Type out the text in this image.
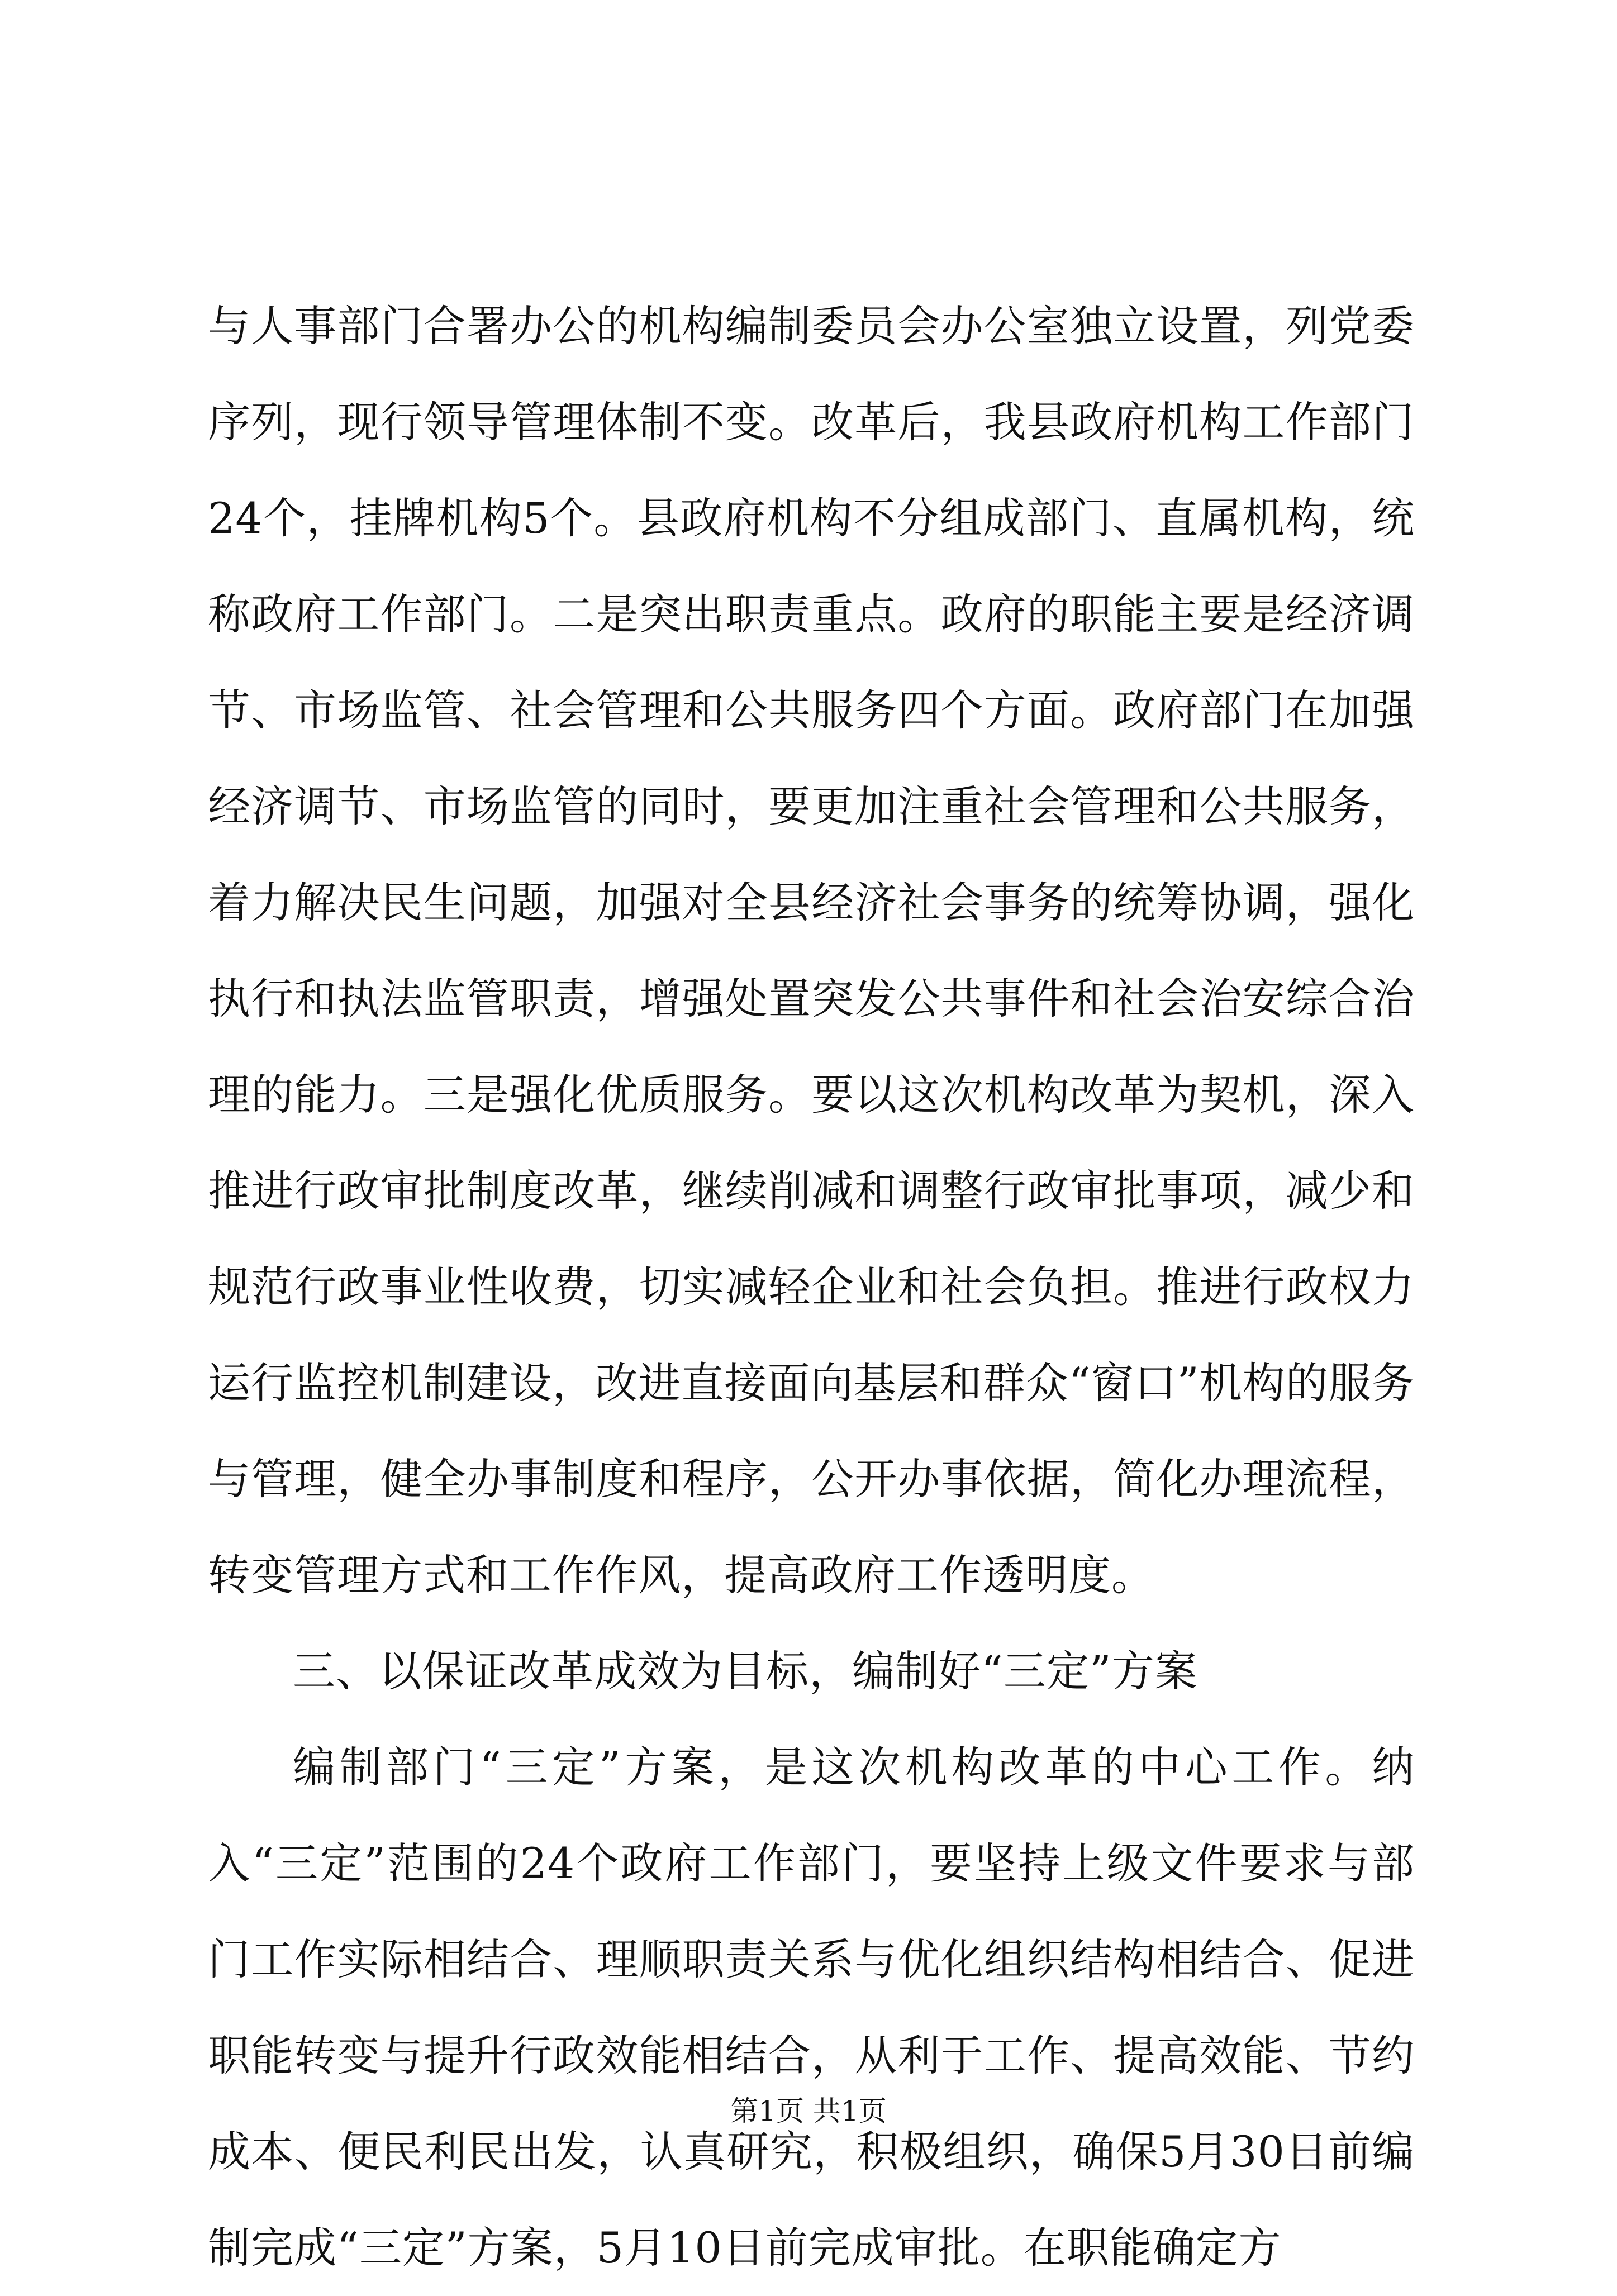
与人事部门合署办公的机构编制委员会办公室独立设置，列党委序列，现行领导管理体制不变。改革后，我县政府机构工作部门24个，挂牌机构5个。县政府机构不分组成部门、直属机构，统称政府工作部门。二是突出职责重点。政府的职能主要是经济调节、市场监管、社会管理和公共服务四个方面。政府部门在加强经济调节、市场监管的同时，要更加注重社会管理和公共服务，着力解决民生问题，加强对全县经济社会事务的统筹协调，强化执行和执法监管职责，增强处置突发公共事件和社会治安综合治理的能力。三是强化优质服务。要以这次机构改革为契机，深入推进行政审批制度改革，继续削减和调整行政审批事项，减少和规范行政事业性收费，切实减轻企业和社会负担。推进行政权力运行监控机制建设，改进直接面向基层和群众“窗口”机构的服务与管理，健全办事制度和程序，公开办事依据，简化办理流程，转变管理方式和工作作风，提高政府工作透明度。

三、以保证改革成效为目标，编制好“三定”方案

编制部门“三定”方案，是这次机构改革的中心工作。纳入“三定”范围的24个政府工作部门，要坚持上级文件要求与部门工作实际相结合、理顺职责关系与优化组织结构相结合、促进职能转变与提升行政效能相结合，从利于工作、提高效能、节约成本、便民利民出发，认真研究，积极组织，确保5月30日前编制完成“三定”方案，5月10日前完成审批。在职能确定方

第1页 共1页
